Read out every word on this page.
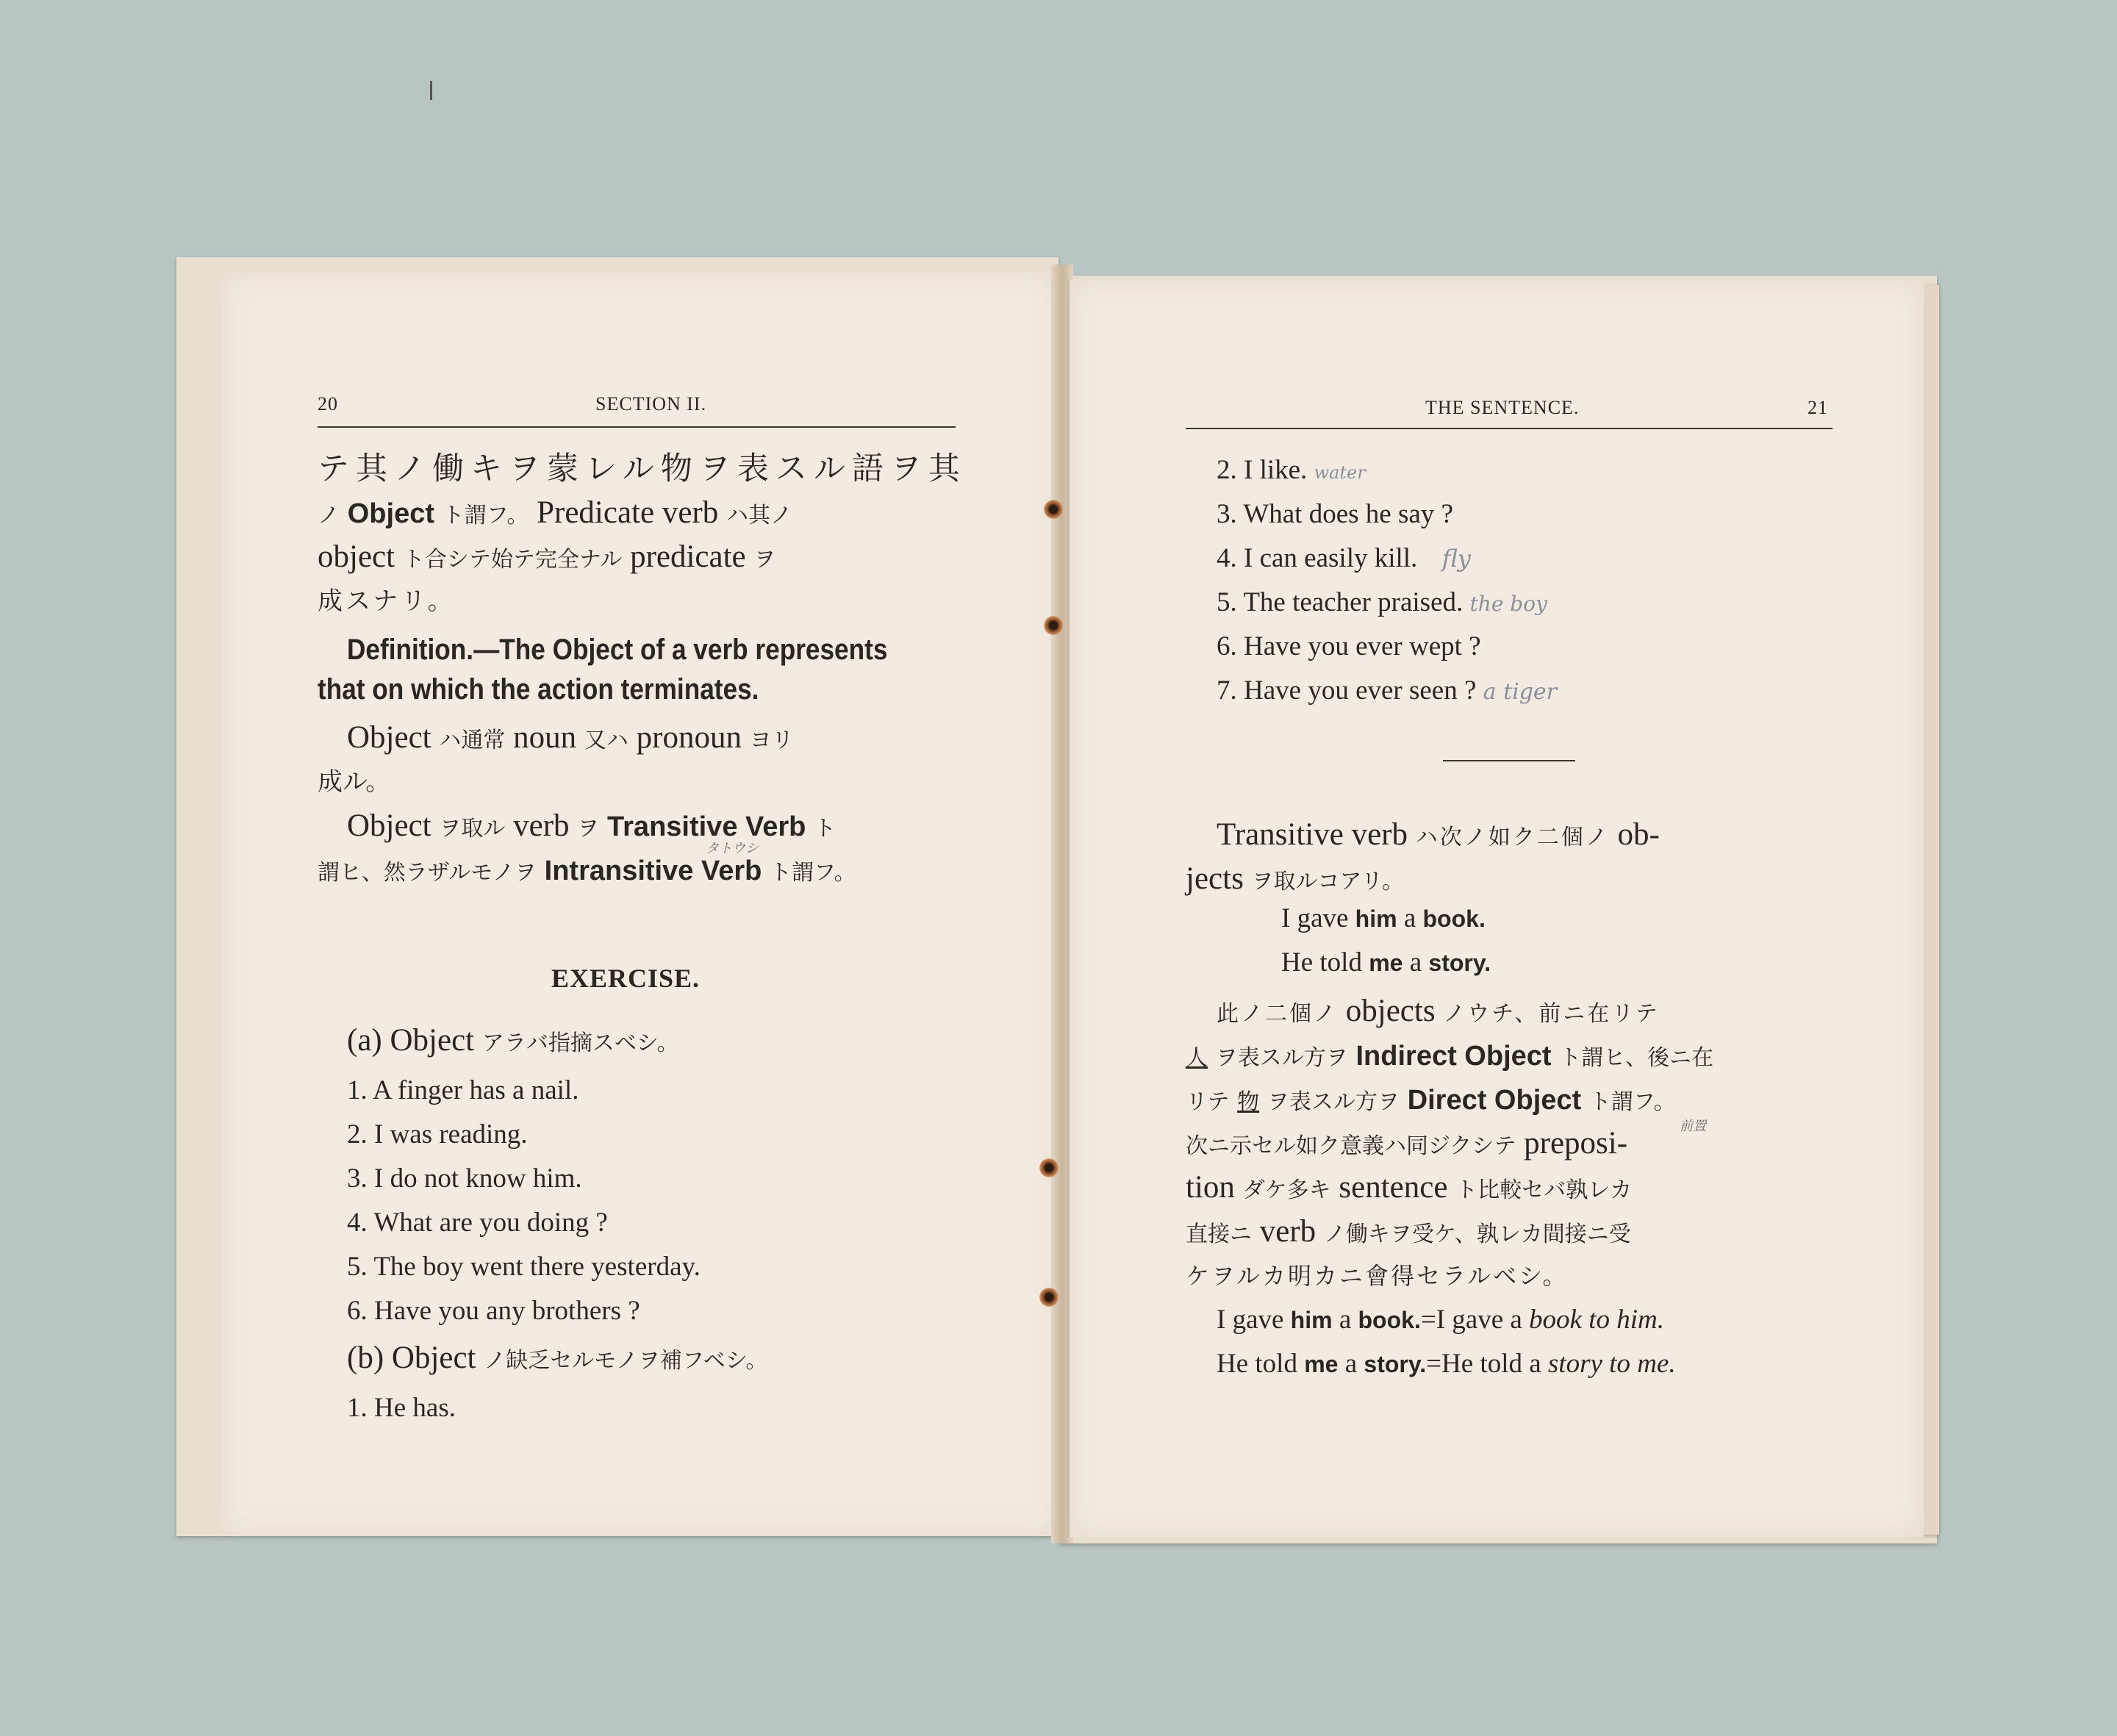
20	SECTION II.
テ其ノ働キヲ蒙レル物ヲ表スル語ヲ其
ノ Object ト謂フ。 Predicate verb ハ其ノ
object ト合シテ始テ完全ナル predicate ヲ
成スナリ。
Definition.—The Object of a verb represents
that on which the action terminates.
Object ハ通常 noun 又ハ pronoun ヨリ
成ル。
Object ヲ取ル verb ヲ Transitive Verb ト
タトウシ
謂ヒ、然ラザルモノヲ Intransitive Verb ト謂フ。
EXERCISE.
(a) Object アラバ指摘スベシ。
1. A finger has a nail.
2. I was reading.
3. I do not know him.
4. What are you doing ?
5. The boy went there yesterday.
6. Have you any brothers ?
(b) Object ノ缺乏セルモノヲ補フベシ。
1. He has.
THE SENTENCE.	21
2. I like. water
3. What does he say ?
4. I can easily kill. fly
5. The teacher praised. the boy
6. Have you ever wept ?
7. Have you ever seen ? a tiger
Transitive verb ハ次ノ如ク二個ノ ob-
jects ヲ取ルコアリ。
I gave him a book.
He told me a story.
此ノ二個ノ objects ノウチ、前ニ在リテ
人 ヲ表スル方ヲ Indirect Object ト謂ヒ、後ニ在
リテ 物 ヲ表スル方ヲ Direct Object ト謂フ。
前置
次ニ示セル如ク意義ハ同ジクシテ preposi-
tion ダケ多キ sentence ト比較セバ孰レカ
直接ニ verb ノ働キヲ受ケ、孰レカ間接ニ受
ケヲルカ明カニ會得セラルベシ。
I gave him a book.=I gave a book to him.
He told me a story.=He told a story to me.
